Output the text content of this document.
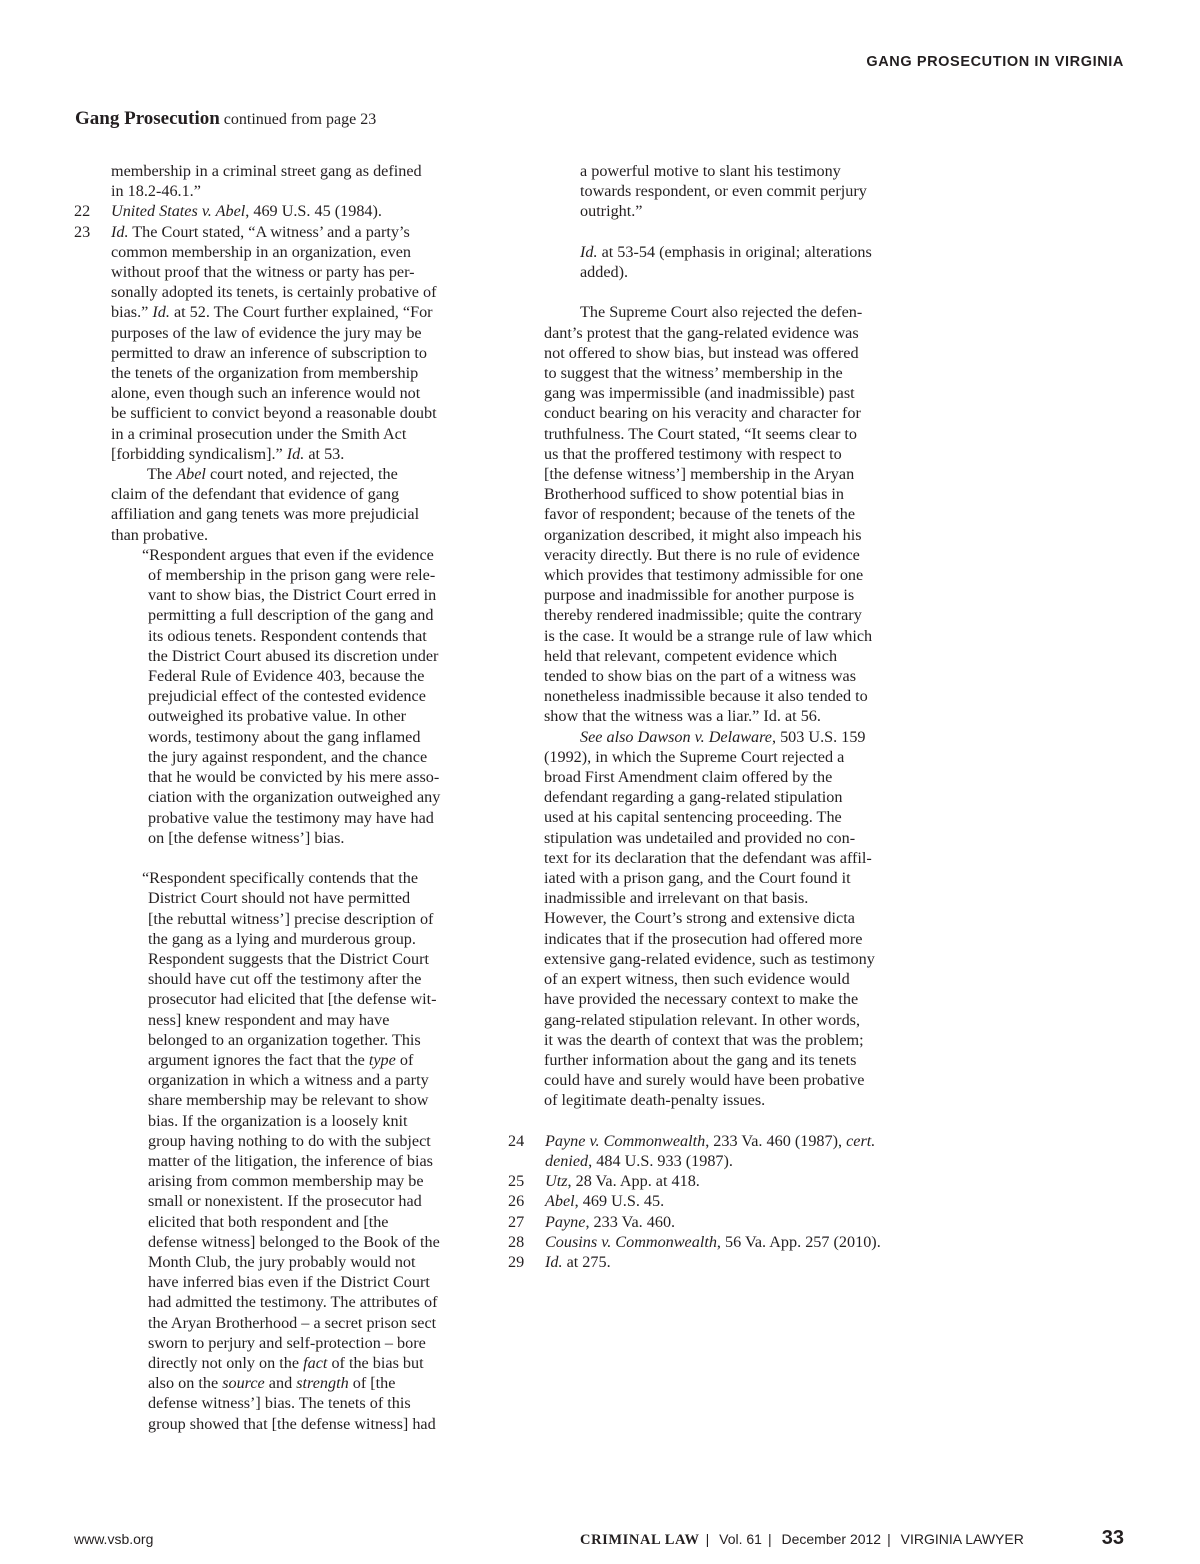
GANG PROSECUTION IN VIRGINIA
Gang Prosecution continued from page 23
membership in a criminal street gang as defined
in 18.2-46.1.”
22 United States v. Abel, 469 U.S. 45 (1984).
23 Id. The Court stated, “A witness’ and a party’s
common membership in an organization, even
without proof that the witness or party has per-
sonally adopted its tenets, is certainly probative of
bias.” Id. at 52. The Court further explained, “For
purposes of the law of evidence the jury may be
permitted to draw an inference of subscription to
the tenets of the organization from membership
alone, even though such an inference would not
be sufficient to convict beyond a reasonable doubt
in a criminal prosecution under the Smith Act
[forbidding syndicalism].” Id. at 53.
The Abel court noted, and rejected, the
claim of the defendant that evidence of gang
affiliation and gang tenets was more prejudicial
than probative.
“Respondent argues that even if the evidence
of membership in the prison gang were rele-
vant to show bias, the District Court erred in
permitting a full description of the gang and
its odious tenets. Respondent contends that
the District Court abused its discretion under
Federal Rule of Evidence 403, because the
prejudicial effect of the contested evidence
outweighed its probative value. In other
words, testimony about the gang inflamed
the jury against respondent, and the chance
that he would be convicted by his mere asso-
ciation with the organization outweighed any
probative value the testimony may have had
on [the defense witness’] bias.
“Respondent specifically contends that the
District Court should not have permitted
[the rebuttal witness’] precise description of
the gang as a lying and murderous group.
Respondent suggests that the District Court
should have cut off the testimony after the
prosecutor had elicited that [the defense wit-
ness] knew respondent and may have
belonged to an organization together. This
argument ignores the fact that the type of
organization in which a witness and a party
share membership may be relevant to show
bias. If the organization is a loosely knit
group having nothing to do with the subject
matter of the litigation, the inference of bias
arising from common membership may be
small or nonexistent. If the prosecutor had
elicited that both respondent and [the
defense witness] belonged to the Book of the
Month Club, the jury probably would not
have inferred bias even if the District Court
had admitted the testimony. The attributes of
the Aryan Brotherhood – a secret prison sect
sworn to perjury and self-protection – bore
directly not only on the fact of the bias but
also on the source and strength of [the
defense witness’] bias. The tenets of this
group showed that [the defense witness] had
a powerful motive to slant his testimony
towards respondent, or even commit perjury
outright.”
Id. at 53-54 (emphasis in original; alterations
added).
The Supreme Court also rejected the defen-
dant’s protest that the gang-related evidence was
not offered to show bias, but instead was offered
to suggest that the witness’ membership in the
gang was impermissible (and inadmissible) past
conduct bearing on his veracity and character for
truthfulness. The Court stated, “It seems clear to
us that the proffered testimony with respect to
[the defense witness’] membership in the Aryan
Brotherhood sufficed to show potential bias in
favor of respondent; because of the tenets of the
organization described, it might also impeach his
veracity directly. But there is no rule of evidence
which provides that testimony admissible for one
purpose and inadmissible for another purpose is
thereby rendered inadmissible; quite the contrary
is the case. It would be a strange rule of law which
held that relevant, competent evidence which
tended to show bias on the part of a witness was
nonetheless inadmissible because it also tended to
show that the witness was a liar.” Id. at 56.
See also Dawson v. Delaware, 503 U.S. 159
(1992), in which the Supreme Court rejected a
broad First Amendment claim offered by the
defendant regarding a gang-related stipulation
used at his capital sentencing proceeding. The
stipulation was undetailed and provided no con-
text for its declaration that the defendant was affil-
iated with a prison gang, and the Court found it
inadmissible and irrelevant on that basis.
However, the Court’s strong and extensive dicta
indicates that if the prosecution had offered more
extensive gang-related evidence, such as testimony
of an expert witness, then such evidence would
have provided the necessary context to make the
gang-related stipulation relevant. In other words,
it was the dearth of context that was the problem;
further information about the gang and its tenets
could have and surely would have been probative
of legitimate death-penalty issues.
24 Payne v. Commonwealth, 233 Va. 460 (1987), cert.
denied, 484 U.S. 933 (1987).
25 Utz, 28 Va. App. at 418.
26 Abel, 469 U.S. 45.
27 Payne, 233 Va. 460.
28 Cousins v. Commonwealth, 56 Va. App. 257 (2010).
29 Id. at 275.
www.vsb.org	CRIMINAL LAW | Vol. 61 | December 2012 | VIRGINIA LAWYER	33
